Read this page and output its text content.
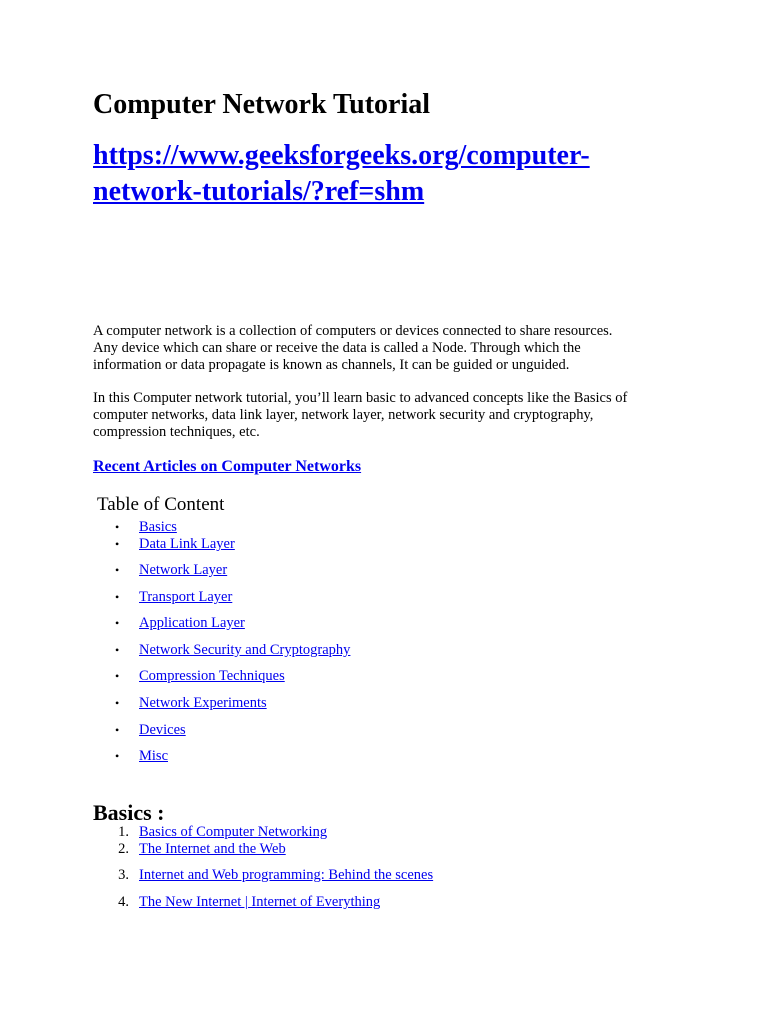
Computer Network Tutorial
https://www.geeksforgeeks.org/computer-
network-tutorials/?ref=shm

A computer network is a collection of computers or devices connected to share resources.
Any device which can share or receive the data is called a Node. Through which the
information or data propagate is known as channels, It can be guided or unguided.

In this Computer network tutorial, you’ll learn basic to advanced concepts like the Basics of
computer networks, data link layer, network layer, network security and cryptography,
compression techniques, etc.

Recent Articles on Computer Networks
Table of Content
•	Basics
•	Data Link Layer
•	Network Layer
•	Transport Layer
•	Application Layer
•	Network Security and Cryptography
•	Compression Techniques
•	Network Experiments
•	Devices
•	Misc
Basics :
1. Basics of Computer Networking
2. The Internet and the Web
3. Internet and Web programming: Behind the scenes
4. The New Internet | Internet of Everything
